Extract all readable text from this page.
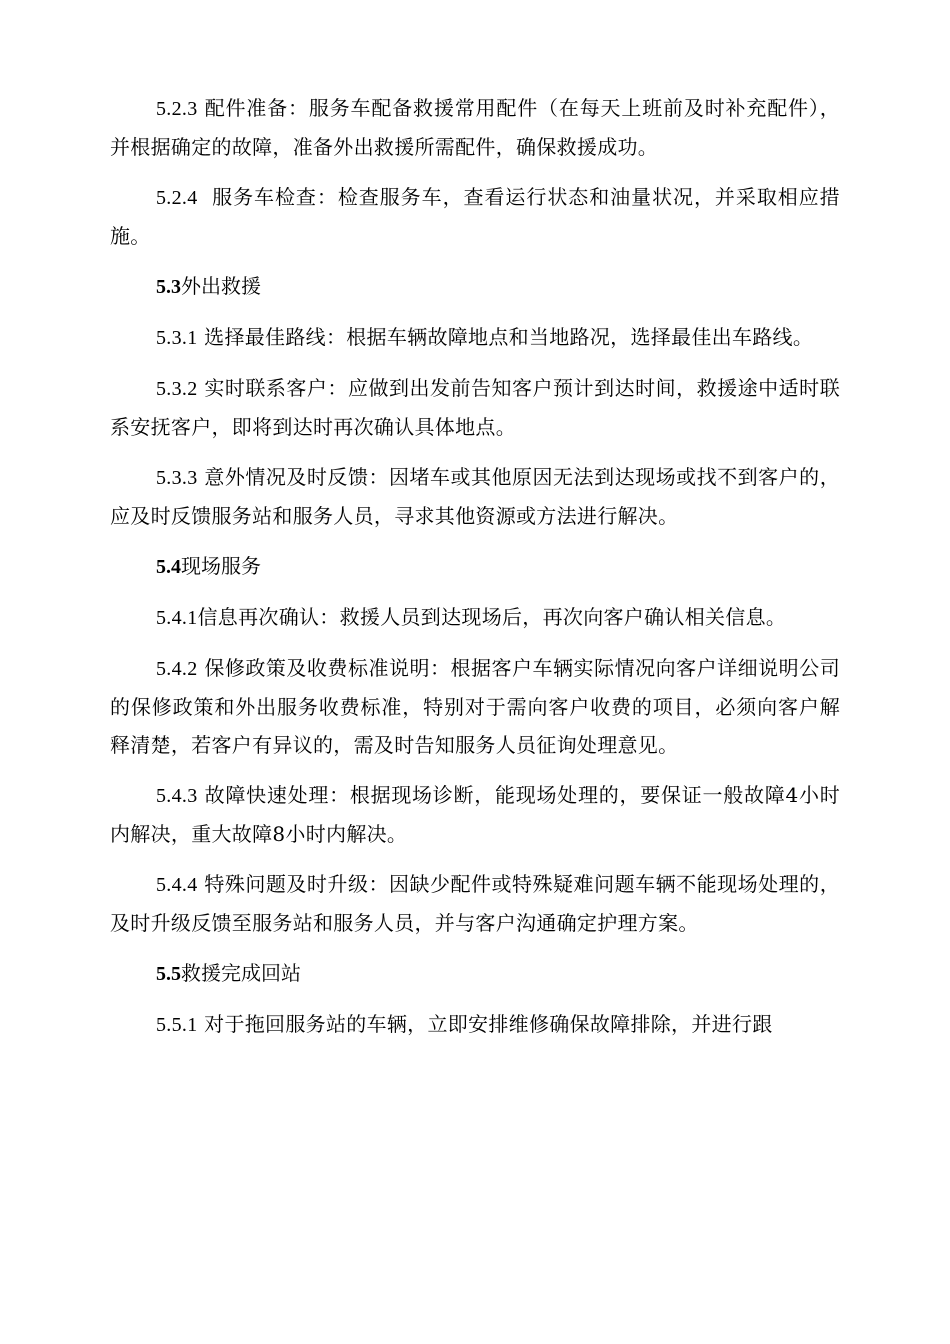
5.2.3 配件准备：服务车配备救援常用配件（在每天上班前及时补充配件），并根据确定的故障，准备外出救援所需配件，确保救援成功。

5.2.4  服务车检查：检查服务车，查看运行状态和油量状况，并采取相应措施。

5.3外出救援

5.3.1 选择最佳路线：根据车辆故障地点和当地路况，选择最佳出车路线。

5.3.2 实时联系客户：应做到出发前告知客户预计到达时间，救援途中适时联系安抚客户，即将到达时再次确认具体地点。

5.3.3 意外情况及时反馈：因堵车或其他原因无法到达现场或找不到客户的，应及时反馈服务站和服务人员，寻求其他资源或方法进行解决。

5.4现场服务

5.4.1信息再次确认：救援人员到达现场后，再次向客户确认相关信息。

5.4.2 保修政策及收费标准说明：根据客户车辆实际情况向客户详细说明公司的保修政策和外出服务收费标准，特别对于需向客户收费的项目，必须向客户解释清楚，若客户有异议的，需及时告知服务人员征询处理意见。

5.4.3 故障快速处理：根据现场诊断，能现场处理的，要保证一般故障4小时内解决，重大故障8小时内解决。

5.4.4 特殊问题及时升级：因缺少配件或特殊疑难问题车辆不能现场处理的，及时升级反馈至服务站和服务人员，并与客户沟通确定护理方案。

5.5救援完成回站

5.5.1 对于拖回服务站的车辆，立即安排维修确保故障排除，并进行跟
